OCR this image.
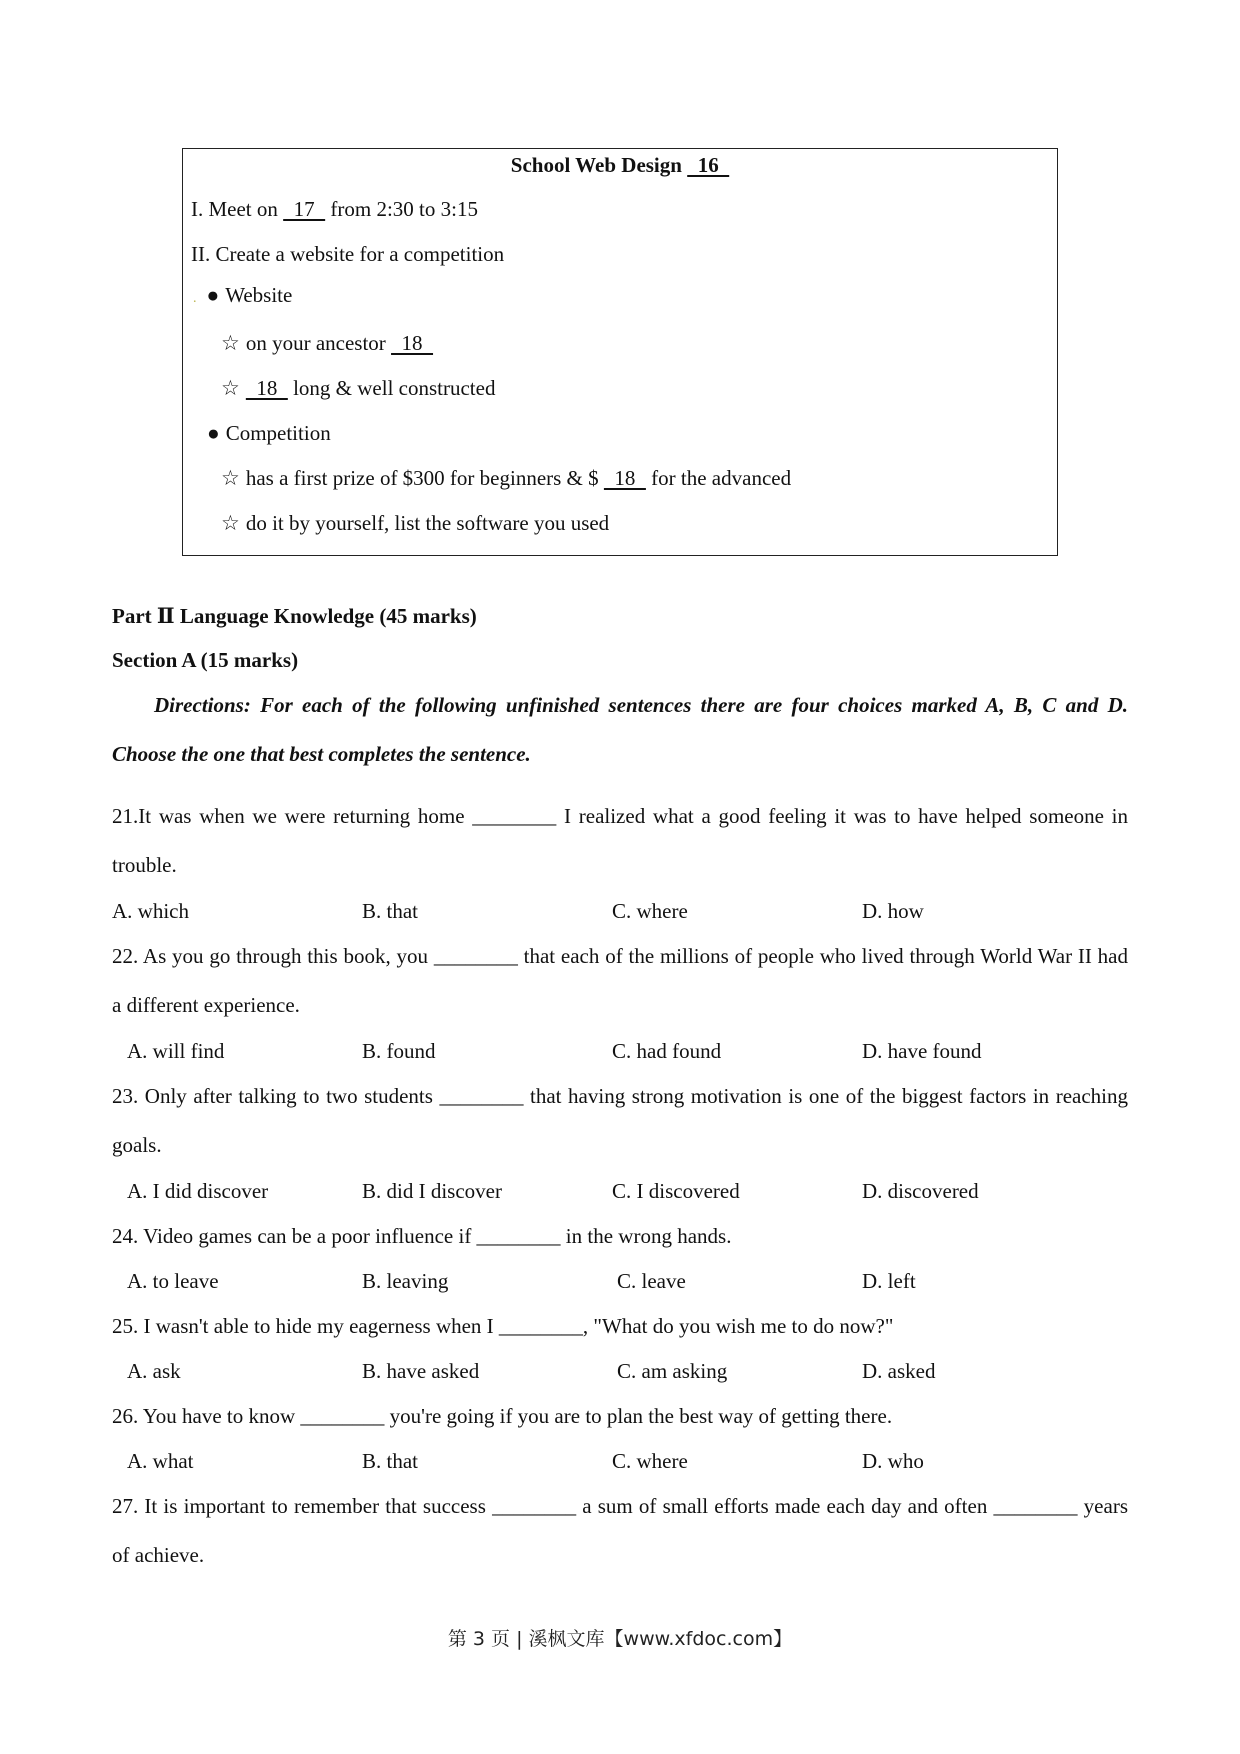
School Web Design   16
I. Meet on   17   from 2:30 to 3:15
II. Create a website for a competition
. ● Website
☆ on your ancestor   18
☆  18   long & well constructed
● Competition
☆ has a first prize of $300 for beginners & $   18   for the advanced
☆ do it by yourself, list the software you used
Part Ⅱ Language Knowledge (45 marks)
Section A (15 marks)
Directions: For each of the following unfinished sentences there are four choices marked A, B, C and D. Choose the one that best completes the sentence.
21.It was when we were returning home ________ I realized what a good feeling it was to have helped someone in trouble.
A. which	B. that	C. where	D. how
22. As you go through this book, you ________ that each of the millions of people who lived through World War II had a different experience.
A. will find	B. found	C. had found	D. have found
23. Only after talking to two students ________ that having strong motivation is one of the biggest factors in reaching goals.
A. I did discover	B. did I discover	C. I discovered	D. discovered
24. Video games can be a poor influence if ________ in the wrong hands.
A. to leave	B. leaving	C. leave	D. left
25. I wasn't able to hide my eagerness when I ________, "What do you wish me to do now?"
A. ask	B. have asked	C. am asking	D. asked
26. You have to know ________ you're going if you are to plan the best way of getting there.
A. what	B. that	C. where	D. who
27. It is important to remember that success ________ a sum of small efforts made each day and often ________ years of achieve.
第 3 页 | 溪枫文库【www.xfdoc.com】
